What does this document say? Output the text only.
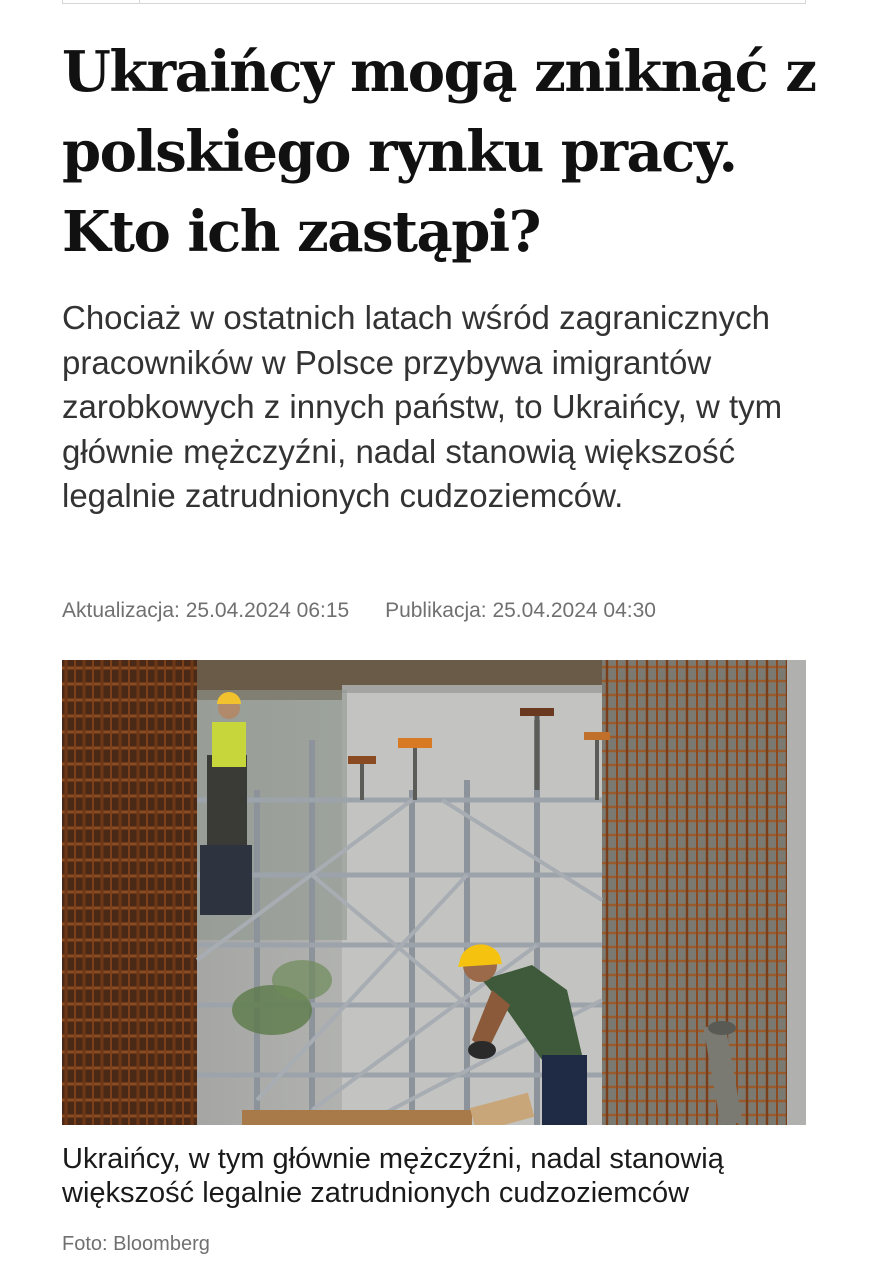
Ukraińcy mogą zniknąć z polskiego rynku pracy. Kto ich zastąpi?

Chociaż w ostatnich latach wśród zagranicznych pracowników w Polsce przybywa imigrantów zarobkowych z innych państw, to Ukraińcy, w tym głównie mężczyźni, nadal stanowią większość legalnie zatrudnionych cudzoziemców.

Aktualizacja: 25.04.2024 06:15 Publikacja: 25.04.2024 04:30

Ukraińcy, w tym głównie mężczyźni, nadal stanowią większość legalnie zatrudnionych cudzoziemców

Foto: Bloomberg
